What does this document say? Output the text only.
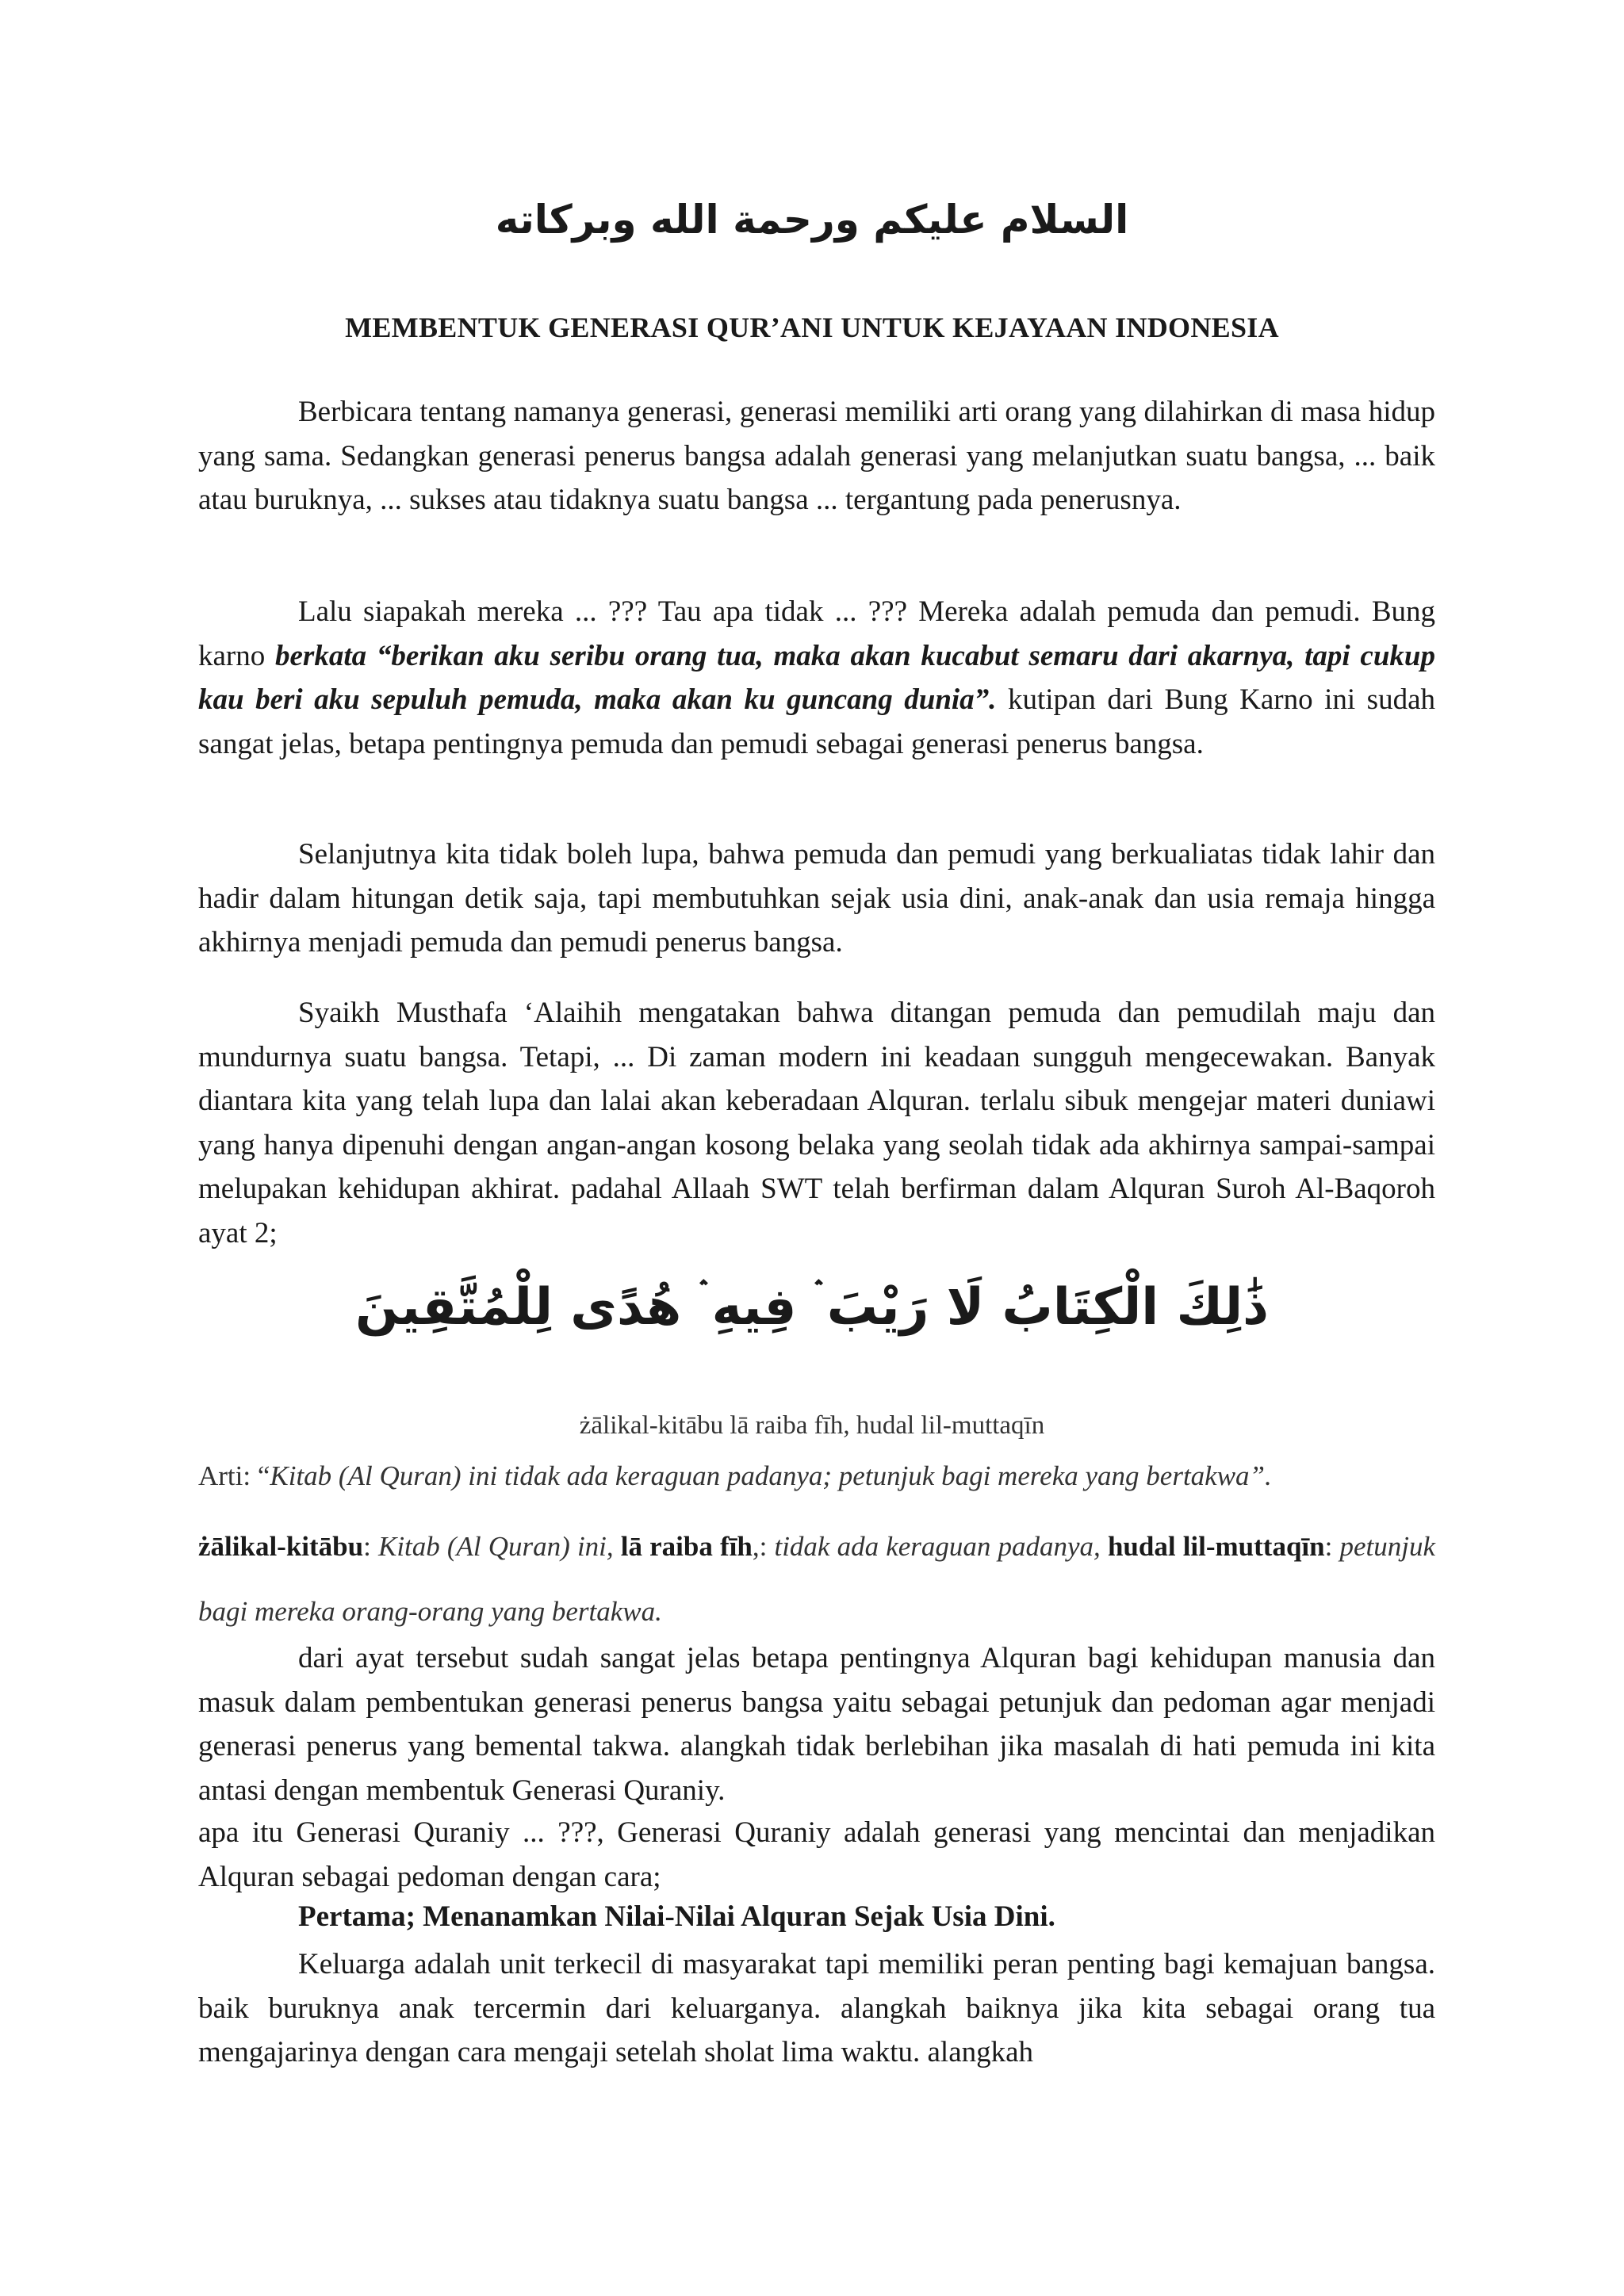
السلام عليكم ورحمة الله وبركاته
MEMBENTUK GENERASI QUR’ANI UNTUK KEJAYAAN INDONESIA

Berbicara tentang namanya generasi, generasi memiliki arti orang yang dilahirkan di masa hidup yang sama. Sedangkan generasi penerus bangsa adalah generasi yang melanjutkan suatu bangsa, ... baik atau buruknya, ... sukses atau tidaknya suatu bangsa ... tergantung pada penerusnya.

Lalu siapakah mereka ... ??? Tau apa tidak ... ??? Mereka adalah pemuda dan pemudi. Bung karno berkata “berikan aku seribu orang tua, maka akan kucabut semaru dari akarnya, tapi cukup kau beri aku sepuluh pemuda, maka akan ku guncang dunia”. kutipan dari Bung Karno ini sudah sangat jelas, betapa pentingnya pemuda dan pemudi sebagai generasi penerus bangsa.

Selanjutnya kita tidak boleh lupa, bahwa pemuda dan pemudi yang berkualiatas tidak lahir dan hadir dalam hitungan detik saja, tapi membutuhkan sejak usia dini, anak-anak dan usia remaja hingga akhirnya menjadi pemuda dan pemudi penerus bangsa.

Syaikh Musthafa ‘Alaihih mengatakan bahwa ditangan pemuda dan pemudilah maju dan mundurnya suatu bangsa. Tetapi, ... Di zaman modern ini keadaan sungguh mengecewakan. Banyak diantara kita yang telah lupa dan lalai akan keberadaan Alquran. terlalu sibuk mengejar materi duniawi yang hanya dipenuhi dengan angan-angan kosong belaka yang seolah tidak ada akhirnya sampai-sampai melupakan kehidupan akhirat. padahal Allaah SWT telah berfirman dalam Alquran Suroh Al-Baqoroh ayat 2;

ذَٰلِكَ الْكِتَابُ لَا رَيْبَ ۛ فِيهِ ۛ هُدًى لِلْمُتَّقِينَ
żālikal-kitābu lā raiba fīh, hudal lil-muttaqīn
Arti: “Kitab (Al Quran) ini tidak ada keraguan padanya; petunjuk bagi mereka yang bertakwa”.
żālikal-kitābu: Kitab (Al Quran) ini, lā raiba fīh,: tidak ada keraguan padanya, hudal lil-muttaqīn: petunjuk bagi mereka orang-orang yang bertakwa.

dari ayat tersebut sudah sangat jelas betapa pentingnya Alquran bagi kehidupan manusia dan masuk dalam pembentukan generasi penerus bangsa yaitu sebagai petunjuk dan pedoman agar menjadi generasi penerus yang bemental takwa. alangkah tidak berlebihan jika masalah di hati pemuda ini kita antasi dengan membentuk Generasi Quraniy.

apa itu Generasi Quraniy ... ???, Generasi Quraniy adalah generasi yang mencintai dan menjadikan Alquran sebagai pedoman dengan cara;

Pertama; Menanamkan Nilai-Nilai Alquran Sejak Usia Dini.

Keluarga adalah unit terkecil di masyarakat tapi memiliki peran penting bagi kemajuan bangsa. baik buruknya anak tercermin dari keluarganya. alangkah baiknya jika kita sebagai orang tua mengajarinya dengan cara mengaji setelah sholat lima waktu. alangkah
